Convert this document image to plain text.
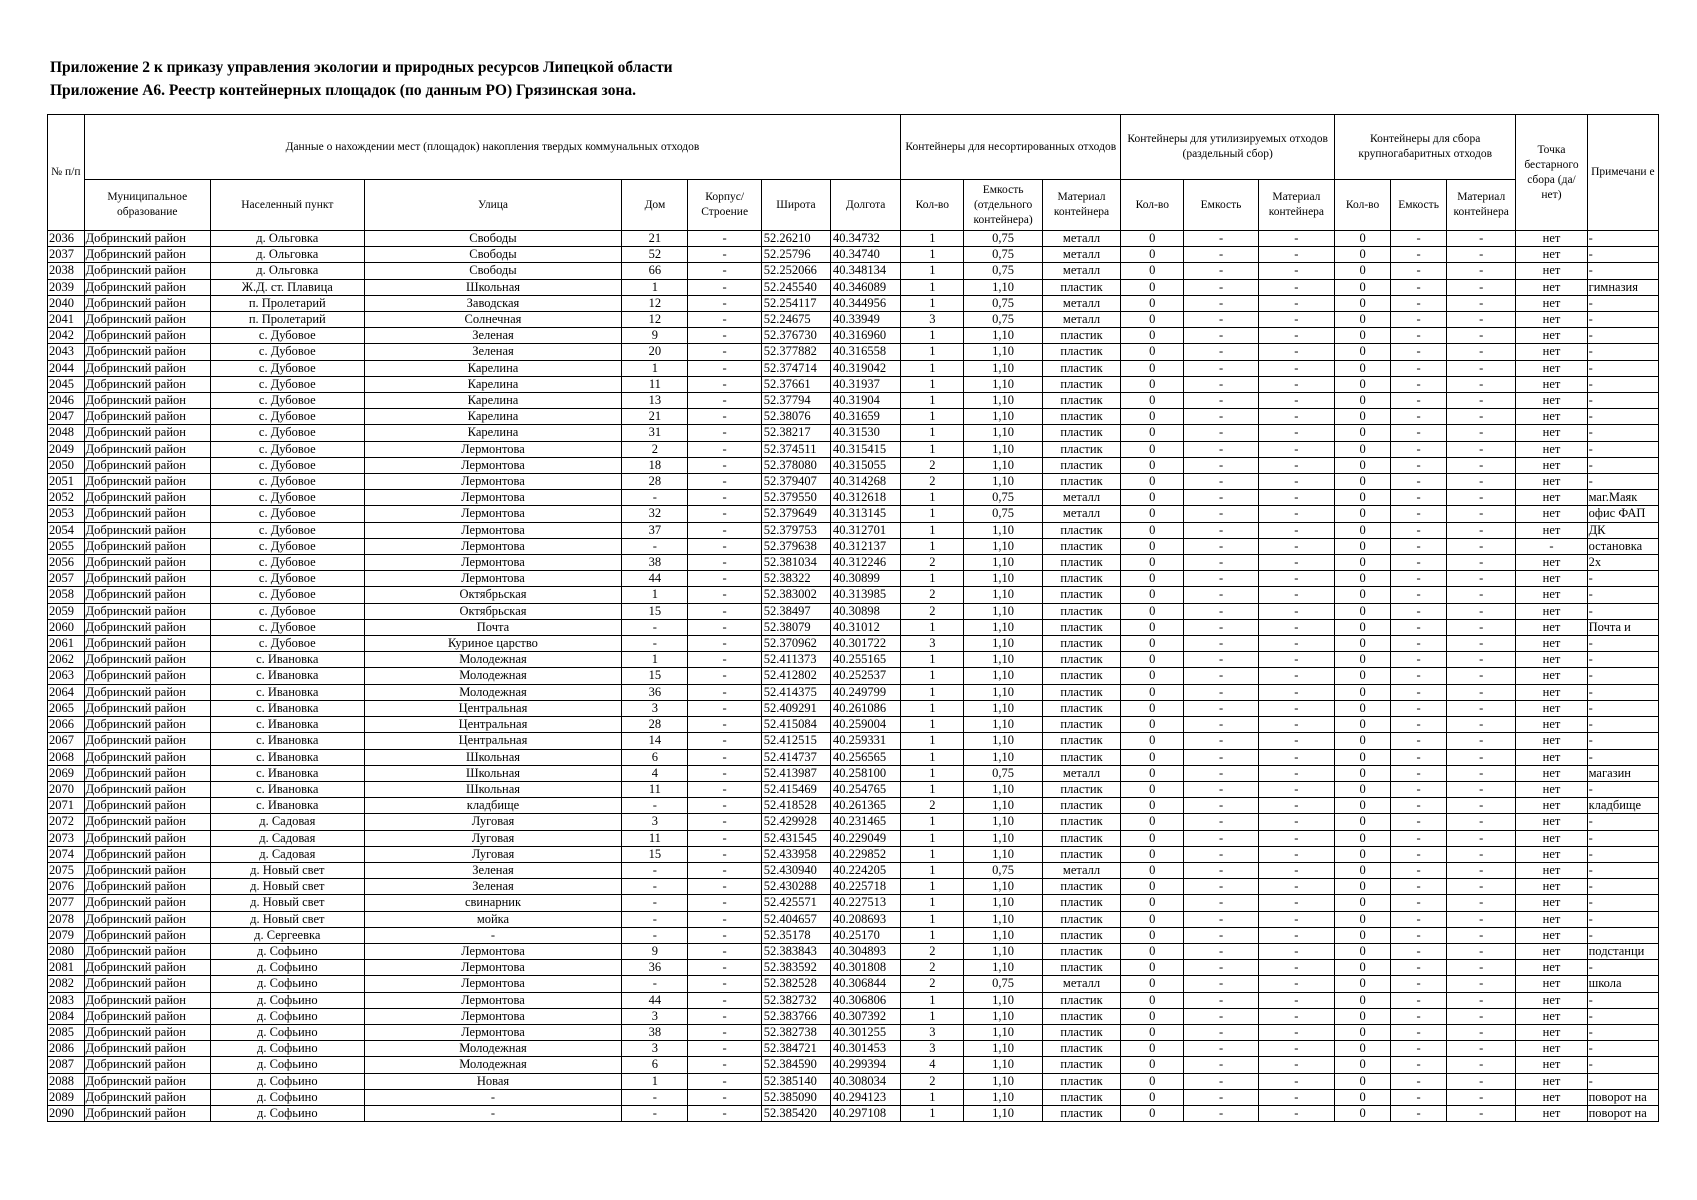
Приложение 2 к приказу управления экологии и природных ресурсов Липецкой области
Приложение А6. Реестр контейнерных площадок (по данным РО) Грязинская зона.
№ п/п	Данные о нахождении мест (площадок) накопления твердых коммунальных отходов							Контейнеры для несортированных отходов			Контейнеры для утилизируемых отходов (раздельный сбор)			Контейнеры для сбора крупногабаритных отходов			Точка бестарного сбора (да/нет)	Примечани е
	Муниципальное образование	Населенный пункт	Улица	Дом	Корпус/ Строение	Широта	Долгота	Кол-во	Емкость (отдельного контейнера)	Материал контейнера	Кол-во	Емкость	Материал контейнера	Кол-во	Емкость	Материал контейнера		
2036	Добринский район	д. Ольговка	Свободы	21	-	52.26210	40.34732	1	0,75	металл	0	-	-	0	-	-	нет	-
2037	Добринский район	д. Ольговка	Свободы	52	-	52.25796	40.34740	1	0,75	металл	0	-	-	0	-	-	нет	-
2038	Добринский район	д. Ольговка	Свободы	66	-	52.252066	40.348134	1	0,75	металл	0	-	-	0	-	-	нет	-
2039	Добринский район	Ж.Д. ст. Плавица	Школьная	1	-	52.245540	40.346089	1	1,10	пластик	0	-	-	0	-	-	нет	гимназия
2040	Добринский район	п. Пролетарий	Заводская	12	-	52.254117	40.344956	1	0,75	металл	0	-	-	0	-	-	нет	-
2041	Добринский район	п. Пролетарий	Солнечная	12	-	52.24675	40.33949	3	0,75	металл	0	-	-	0	-	-	нет	-
2042	Добринский район	с. Дубовое	Зеленая	9	-	52.376730	40.316960	1	1,10	пластик	0	-	-	0	-	-	нет	-
2043	Добринский район	с. Дубовое	Зеленая	20	-	52.377882	40.316558	1	1,10	пластик	0	-	-	0	-	-	нет	-
2044	Добринский район	с. Дубовое	Карелина	1	-	52.374714	40.319042	1	1,10	пластик	0	-	-	0	-	-	нет	-
2045	Добринский район	с. Дубовое	Карелина	11	-	52.37661	40.31937	1	1,10	пластик	0	-	-	0	-	-	нет	-
2046	Добринский район	с. Дубовое	Карелина	13	-	52.37794	40.31904	1	1,10	пластик	0	-	-	0	-	-	нет	-
2047	Добринский район	с. Дубовое	Карелина	21	-	52.38076	40.31659	1	1,10	пластик	0	-	-	0	-	-	нет	-
2048	Добринский район	с. Дубовое	Карелина	31	-	52.38217	40.31530	1	1,10	пластик	0	-	-	0	-	-	нет	-
2049	Добринский район	с. Дубовое	Лермонтова	2	-	52.374511	40.315415	1	1,10	пластик	0	-	-	0	-	-	нет	-
2050	Добринский район	с. Дубовое	Лермонтова	18	-	52.378080	40.315055	2	1,10	пластик	0	-	-	0	-	-	нет	-
2051	Добринский район	с. Дубовое	Лермонтова	28	-	52.379407	40.314268	2	1,10	пластик	0	-	-	0	-	-	нет	-
2052	Добринский район	с. Дубовое	Лермонтова	-	-	52.379550	40.312618	1	0,75	металл	0	-	-	0	-	-	нет	маг.Маяк
2053	Добринский район	с. Дубовое	Лермонтова	32	-	52.379649	40.313145	1	0,75	металл	0	-	-	0	-	-	нет	офис ФАП
2054	Добринский район	с. Дубовое	Лермонтова	37	-	52.379753	40.312701	1	1,10	пластик	0	-	-	0	-	-	нет	ДК
2055	Добринский район	с. Дубовое	Лермонтова	-	-	52.379638	40.312137	1	1,10	пластик	0	-	-	0	-	-	-	остановка
2056	Добринский район	с. Дубовое	Лермонтова	38	-	52.381034	40.312246	2	1,10	пластик	0	-	-	0	-	-	нет	2х
2057	Добринский район	с. Дубовое	Лермонтова	44	-	52.38322	40.30899	1	1,10	пластик	0	-	-	0	-	-	нет	-
2058	Добринский район	с. Дубовое	Октябрьская	1	-	52.383002	40.313985	2	1,10	пластик	0	-	-	0	-	-	нет	-
2059	Добринский район	с. Дубовое	Октябрьская	15	-	52.38497	40.30898	2	1,10	пластик	0	-	-	0	-	-	нет	-
2060	Добринский район	с. Дубовое	Почта	-	-	52.38079	40.31012	1	1,10	пластик	0	-	-	0	-	-	нет	Почта и
2061	Добринский район	с. Дубовое	Куриное царство	-	-	52.370962	40.301722	3	1,10	пластик	0	-	-	0	-	-	нет	-
2062	Добринский район	с. Ивановка	Молодежная	1	-	52.411373	40.255165	1	1,10	пластик	0	-	-	0	-	-	нет	-
2063	Добринский район	с. Ивановка	Молодежная	15	-	52.412802	40.252537	1	1,10	пластик	0	-	-	0	-	-	нет	-
2064	Добринский район	с. Ивановка	Молодежная	36	-	52.414375	40.249799	1	1,10	пластик	0	-	-	0	-	-	нет	-
2065	Добринский район	с. Ивановка	Центральная	3	-	52.409291	40.261086	1	1,10	пластик	0	-	-	0	-	-	нет	-
2066	Добринский район	с. Ивановка	Центральная	28	-	52.415084	40.259004	1	1,10	пластик	0	-	-	0	-	-	нет	-
2067	Добринский район	с. Ивановка	Центральная	14	-	52.412515	40.259331	1	1,10	пластик	0	-	-	0	-	-	нет	-
2068	Добринский район	с. Ивановка	Школьная	6	-	52.414737	40.256565	1	1,10	пластик	0	-	-	0	-	-	нет	-
2069	Добринский район	с. Ивановка	Школьная	4	-	52.413987	40.258100	1	0,75	металл	0	-	-	0	-	-	нет	магазин
2070	Добринский район	с. Ивановка	Школьная	11	-	52.415469	40.254765	1	1,10	пластик	0	-	-	0	-	-	нет	-
2071	Добринский район	с. Ивановка	кладбище	-	-	52.418528	40.261365	2	1,10	пластик	0	-	-	0	-	-	нет	кладбище
2072	Добринский район	д. Садовая	Луговая	3	-	52.429928	40.231465	1	1,10	пластик	0	-	-	0	-	-	нет	-
2073	Добринский район	д. Садовая	Луговая	11	-	52.431545	40.229049	1	1,10	пластик	0	-	-	0	-	-	нет	-
2074	Добринский район	д. Садовая	Луговая	15	-	52.433958	40.229852	1	1,10	пластик	0	-	-	0	-	-	нет	-
2075	Добринский район	д. Новый свет	Зеленая	-	-	52.430940	40.224205	1	0,75	металл	0	-	-	0	-	-	нет	-
2076	Добринский район	д. Новый свет	Зеленая	-	-	52.430288	40.225718	1	1,10	пластик	0	-	-	0	-	-	нет	-
2077	Добринский район	д. Новый свет	свинарник	-	-	52.425571	40.227513	1	1,10	пластик	0	-	-	0	-	-	нет	-
2078	Добринский район	д. Новый свет	мойка	-	-	52.404657	40.208693	1	1,10	пластик	0	-	-	0	-	-	нет	-
2079	Добринский район	д. Сергеевка	-	-	-	52.35178	40.25170	1	1,10	пластик	0	-	-	0	-	-	нет	-
2080	Добринский район	д. Софьино	Лермонтова	9	-	52.383843	40.304893	2	1,10	пластик	0	-	-	0	-	-	нет	подстанци
2081	Добринский район	д. Софьино	Лермонтова	36	-	52.383592	40.301808	2	1,10	пластик	0	-	-	0	-	-	нет	-
2082	Добринский район	д. Софьино	Лермонтова	-	-	52.382528	40.306844	2	0,75	металл	0	-	-	0	-	-	нет	школа
2083	Добринский район	д. Софьино	Лермонтова	44	-	52.382732	40.306806	1	1,10	пластик	0	-	-	0	-	-	нет	-
2084	Добринский район	д. Софьино	Лермонтова	3	-	52.383766	40.307392	1	1,10	пластик	0	-	-	0	-	-	нет	-
2085	Добринский район	д. Софьино	Лермонтова	38	-	52.382738	40.301255	3	1,10	пластик	0	-	-	0	-	-	нет	-
2086	Добринский район	д. Софьино	Молодежная	3	-	52.384721	40.301453	3	1,10	пластик	0	-	-	0	-	-	нет	-
2087	Добринский район	д. Софьино	Молодежная	6	-	52.384590	40.299394	4	1,10	пластик	0	-	-	0	-	-	нет	-
2088	Добринский район	д. Софьино	Новая	1	-	52.385140	40.308034	2	1,10	пластик	0	-	-	0	-	-	нет	-
2089	Добринский район	д. Софьино	-	-	-	52.385090	40.294123	1	1,10	пластик	0	-	-	0	-	-	нет	поворот на
2090	Добринский район	д. Софьино	-	-	-	52.385420	40.297108	1	1,10	пластик	0	-	-	0	-	-	нет	поворот на
